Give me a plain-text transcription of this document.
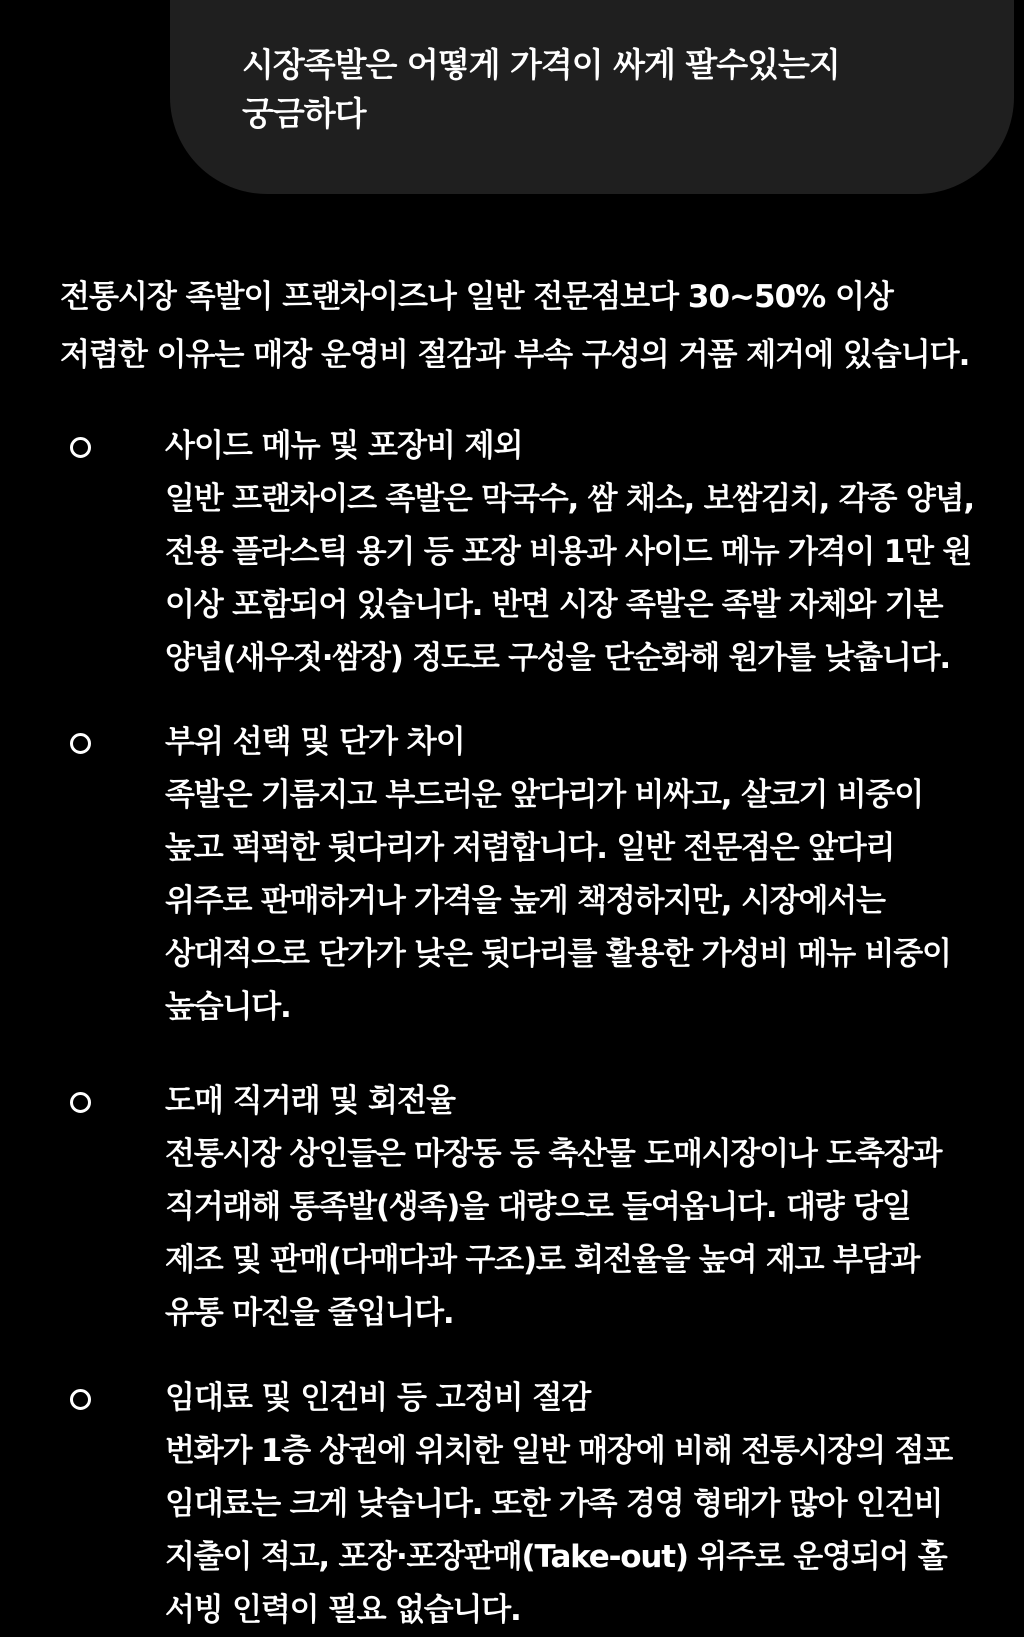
시장족발은 어떻게 가격이 싸게 팔수있는지
궁금하다

전통시장 족발이 프랜차이즈나 일반 전문점보다 30~50% 이상
저렴한 이유는 매장 운영비 절감과 부속 구성의 거품 제거에 있습니다.

사이드 메뉴 및 포장비 제외

일반 프랜차이즈 족발은 막국수, 쌈 채소, 보쌈김치, 각종 양념,
전용 플라스틱 용기 등 포장 비용과 사이드 메뉴 가격이 1만 원
이상 포함되어 있습니다. 반면 시장 족발은 족발 자체와 기본
양념(새우젓·쌈장) 정도로 구성을 단순화해 원가를 낮춥니다.

부위 선택 및 단가 차이

족발은 기름지고 부드러운 앞다리가 비싸고, 살코기 비중이
높고 퍽퍽한 뒷다리가 저렴합니다. 일반 전문점은 앞다리
위주로 판매하거나 가격을 높게 책정하지만, 시장에서는
상대적으로 단가가 낮은 뒷다리를 활용한 가성비 메뉴 비중이
높습니다.

도매 직거래 및 회전율

전통시장 상인들은 마장동 등 축산물 도매시장이나 도축장과
직거래해 통족발(생족)을 대량으로 들여옵니다. 대량 당일
제조 및 판매(다매다과 구조)로 회전율을 높여 재고 부담과
유통 마진을 줄입니다.

임대료 및 인건비 등 고정비 절감

번화가 1층 상권에 위치한 일반 매장에 비해 전통시장의 점포
임대료는 크게 낮습니다. 또한 가족 경영 형태가 많아 인건비
지출이 적고, 포장·포장판매(Take-out) 위주로 운영되어 홀
서빙 인력이 필요 없습니다.
